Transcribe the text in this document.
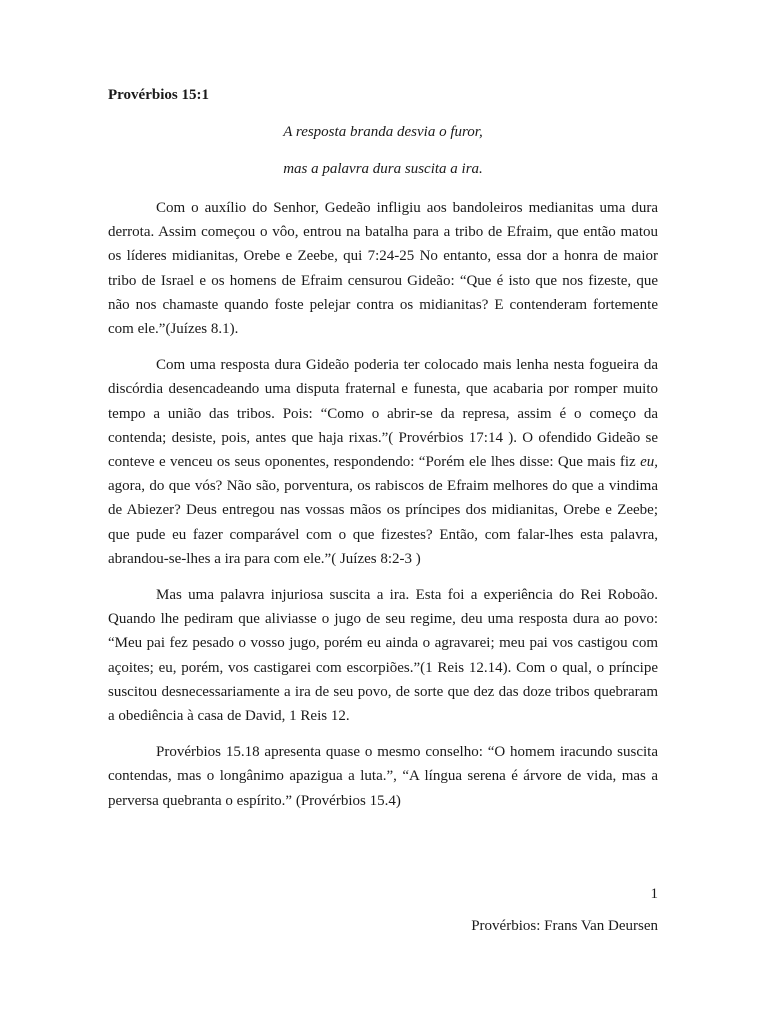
Provérbios 15:1
A resposta branda desvia o furor,
mas a palavra dura suscita a ira.

Com o auxílio do Senhor, Gedeão infligiu aos bandoleiros medianitas uma dura derrota. Assim começou o vôo, entrou na batalha para a tribo de Efraim, que então matou os líderes midianitas, Orebe e Zeebe, qui 7:24-25 No entanto, essa dor a honra de maior tribo de Israel e os homens de Efraim censurou Gideão: “Que é isto que nos fizeste, que não nos chamaste quando foste pelejar contra os midianitas? E contenderam fortemente com ele.”(Juízes 8.1).

Com uma resposta dura Gideão poderia ter colocado mais lenha nesta fogueira da discórdia desencadeando uma disputa fraternal e funesta, que acabaria por romper muito tempo a união das tribos. Pois: “Como o abrir-se da represa, assim é o começo da contenda; desiste, pois, antes que haja rixas.”( Provérbios 17:14 ). O ofendido Gideão se conteve e venceu os seus oponentes, respondendo: “Porém ele lhes disse: Que mais fiz eu, agora, do que vós? Não são, porventura, os rabiscos de Efraim melhores do que a vindima de Abiezer? Deus entregou nas vossas mãos os príncipes dos midianitas, Orebe e Zeebe; que pude eu fazer comparável com o que fizestes? Então, com falar-lhes esta palavra, abrandou-se-lhes a ira para com ele.”( Juízes 8:2-3 )

Mas uma palavra injuriosa suscita a ira. Esta foi a experiência do Rei Roboão. Quando lhe pediram que aliviasse o jugo de seu regime, deu uma resposta dura ao povo: “Meu pai fez pesado o vosso jugo, porém eu ainda o agravarei; meu pai vos castigou com açoites; eu, porém, vos castigarei com escorpiões.”(1 Reis 12.14). Com o qual, o príncipe suscitou desnecessariamente a ira de seu povo, de sorte que dez das doze tribos quebraram a obediência à casa de David, 1 Reis 12.

Provérbios 15.18 apresenta quase o mesmo conselho: “O homem iracundo suscita contendas, mas o longânimo apazigua a luta.”, “A língua serena é árvore de vida, mas a perversa quebranta o espírito.” (Provérbios 15.4)

1
Provérbios: Frans Van Deursen
